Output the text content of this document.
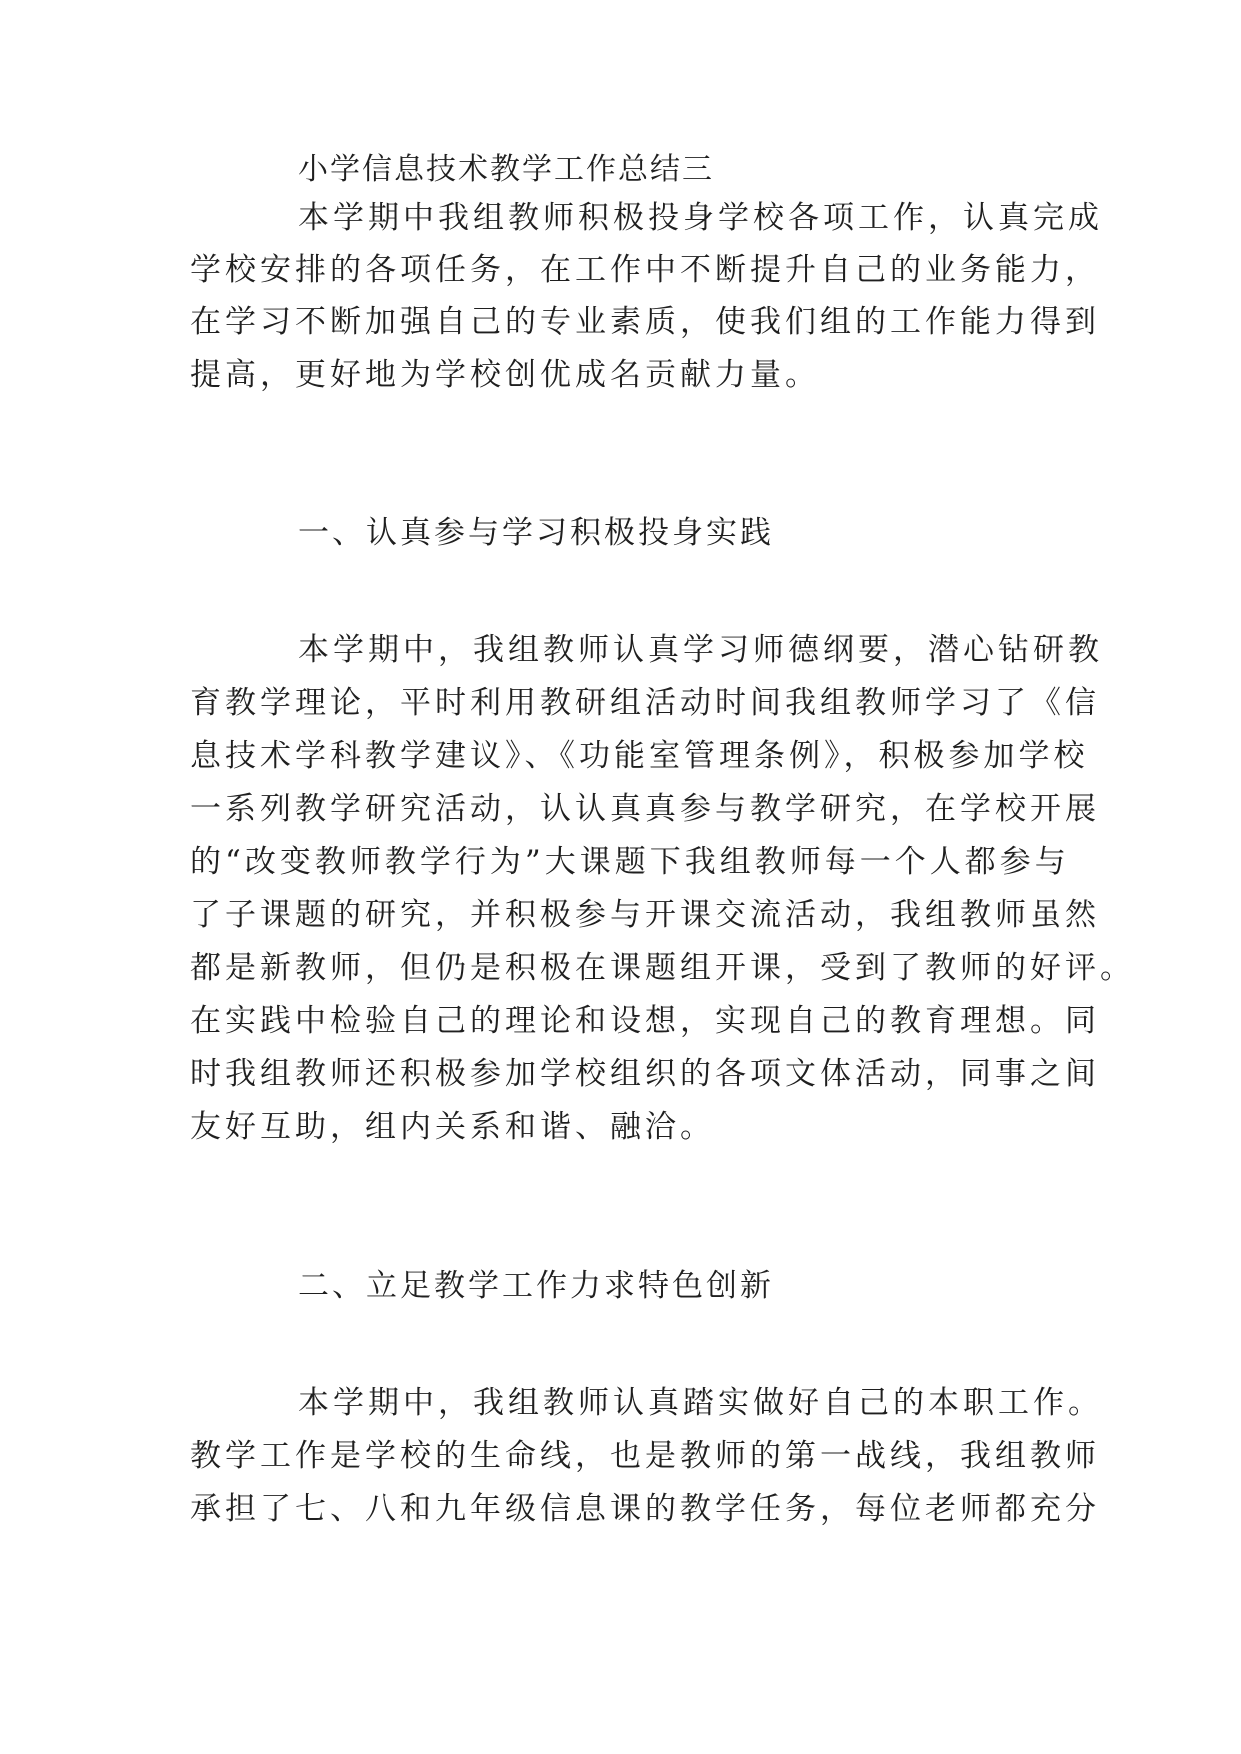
小学信息技术教学工作总结三
本学期中我组教师积极投身学校各项工作，认真完成
学校安排的各项任务，在工作中不断提升自己的业务能力，
在学习不断加强自己的专业素质，使我们组的工作能力得到
提高，更好地为学校创优成名贡献力量。
一、认真参与学习积极投身实践
本学期中，我组教师认真学习师德纲要，潜心钻研教
育教学理论，平时利用教研组活动时间我组教师学习了《信
息技术学科教学建议》、《功能室管理条例》，积极参加学校
一系列教学研究活动，认认真真参与教学研究，在学校开展
的“改变教师教学行为”大课题下我组教师每一个人都参与
了子课题的研究，并积极参与开课交流活动，我组教师虽然
都是新教师，但仍是积极在课题组开课，受到了教师的好评。
在实践中检验自己的理论和设想，实现自己的教育理想。同
时我组教师还积极参加学校组织的各项文体活动，同事之间
友好互助，组内关系和谐、融洽。
二、立足教学工作力求特色创新
本学期中，我组教师认真踏实做好自己的本职工作。
教学工作是学校的生命线，也是教师的第一战线，我组教师
承担了七、八和九年级信息课的教学任务，每位老师都充分
